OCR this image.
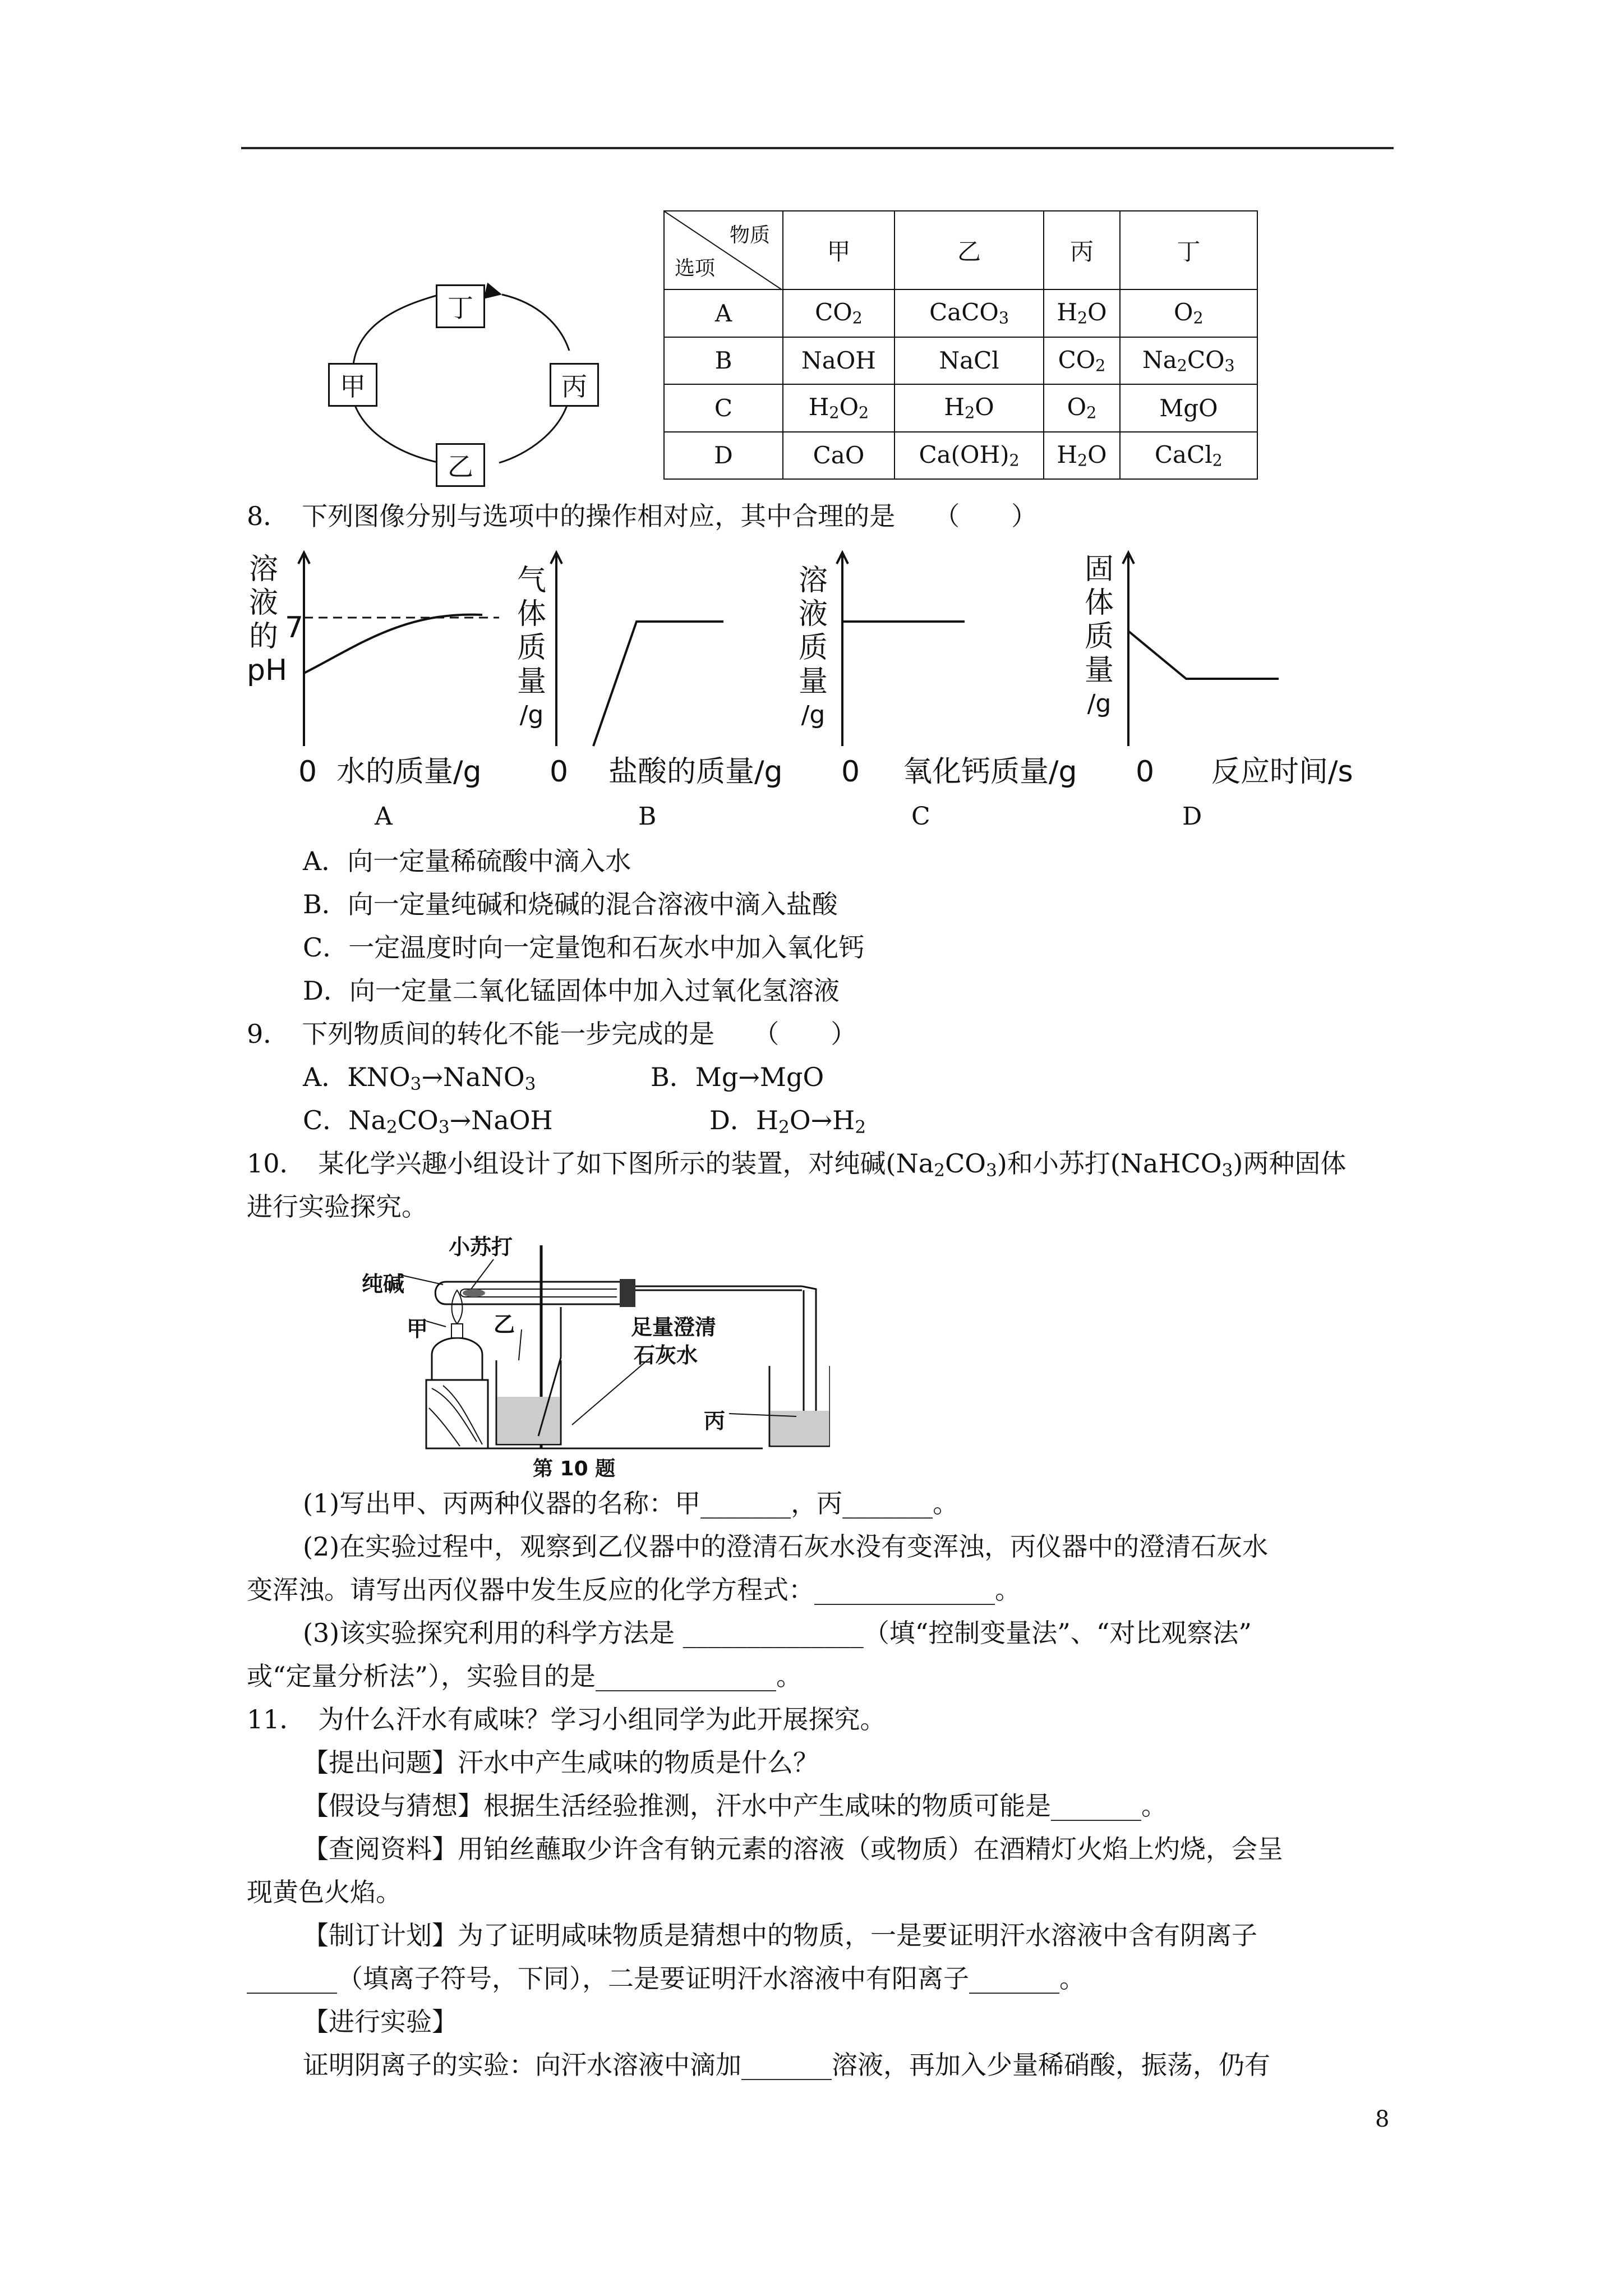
丁
甲	丙
乙
物质
选项	甲	乙	丙	丁
A	$CO_2$	CaCO$_3$	$H_2O$	$O_2$
B	NaOH	NaCl	$CO_2$	$Na_2CO_3$
C	$H_2O_2$	$H_2O$	$O_2$	MgO
D	CaO	$Ca(OH)_2$	$H_2O$	CaCl$_2$
8．　下列图像分别与选项中的操作相对应，其中合理的是　　（　　）
溶
液
的
pH
7
0 水的质量/g
A
气
体
质
量
/g
0 盐酸的质量/g
B
溶
液
质
量
/g
0 氧化钙质量/g
C
固
体
质
量
/g
0 反应时间/s
D
A．向一定量稀硫酸中滴入水
B．向一定量纯碱和烧碱的混合溶液中滴入盐酸
C．一定温度时向一定量饱和石灰水中加入氧化钙
D．向一定量二氧化锰固体中加入过氧化氢溶液
9．　下列物质间的转化不能一步完成的是　　（　　）
A．$KNO_3\to NaNO_3$	B．Mg→MgO
C．$Na_2CO_3\to NaOH$	D．$H_2O\to H_2$
10．　某化学兴趣小组设计了如下图所示的装置，对纯碱$(Na_2CO_3)$和小苏打(NaHCO$_3$)两种固体
进行实验探究。
小苏打
纯碱
甲	乙	足量澄清
石灰水
丙
第 10 题
(1)写出甲、丙两种仪器的名称：甲_______，丙_______。
(2)在实验过程中，观察到乙仪器中的澄清石灰水没有变浑浊，丙仪器中的澄清石灰水
变浑浊。请写出丙仪器中发生反应的化学方程式：______________。
(3)该实验探究利用的科学方法是 ______________（填“控制变量法”、“对比观察法”
或“定量分析法”），实验目的是______________。
11．　为什么汗水有咸味？学习小组同学为此开展探究。
【提出问题】汗水中产生咸味的物质是什么？
【假设与猜想】根据生活经验推测，汗水中产生咸味的物质可能是_______。
【查阅资料】用铂丝蘸取少许含有钠元素的溶液（或物质）在酒精灯火焰上灼烧，会呈
现黄色火焰。
【制订计划】为了证明咸味物质是猜想中的物质，一是要证明汗水溶液中含有阴离子
_______（填离子符号，下同），二是要证明汗水溶液中有阳离子_______。
【进行实验】
证明阴离子的实验：向汗水溶液中滴加_______溶液，再加入少量稀硝酸，振荡，仍有
8
